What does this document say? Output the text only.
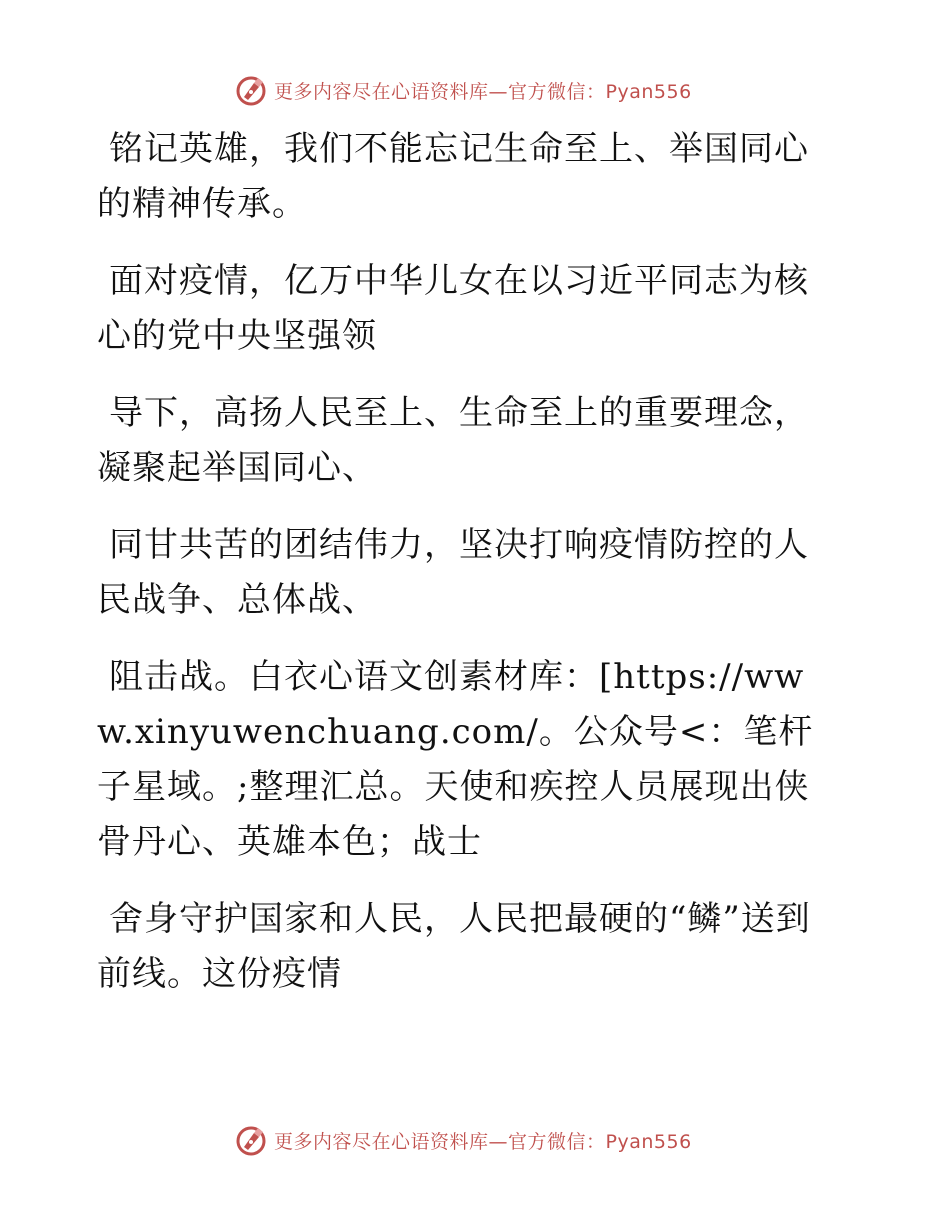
更多内容尽在心语资料库—官方微信：Pyan556

铭记英雄，我们不能忘记生命至上、举国同心的精神传承。

面对疫情，亿万中华儿女在以习近平同志为核心的党中央坚强领

导下，高扬人民至上、生命至上的重要理念，凝聚起举国同心、

同甘共苦的团结伟力，坚决打响疫情防控的人民战争、总体战、

阻击战。白衣心语文创素材库：[https://www.xinyuwenchuang.com/。公众号<：笔杆子星域。;整理汇总。天使和疾控人员展现出侠骨丹心、英雄本色；战士

舍身守护国家和人民，人民把最硬的“鳞”送到前线。这份疫情

更多内容尽在心语资料库—官方微信：Pyan556
